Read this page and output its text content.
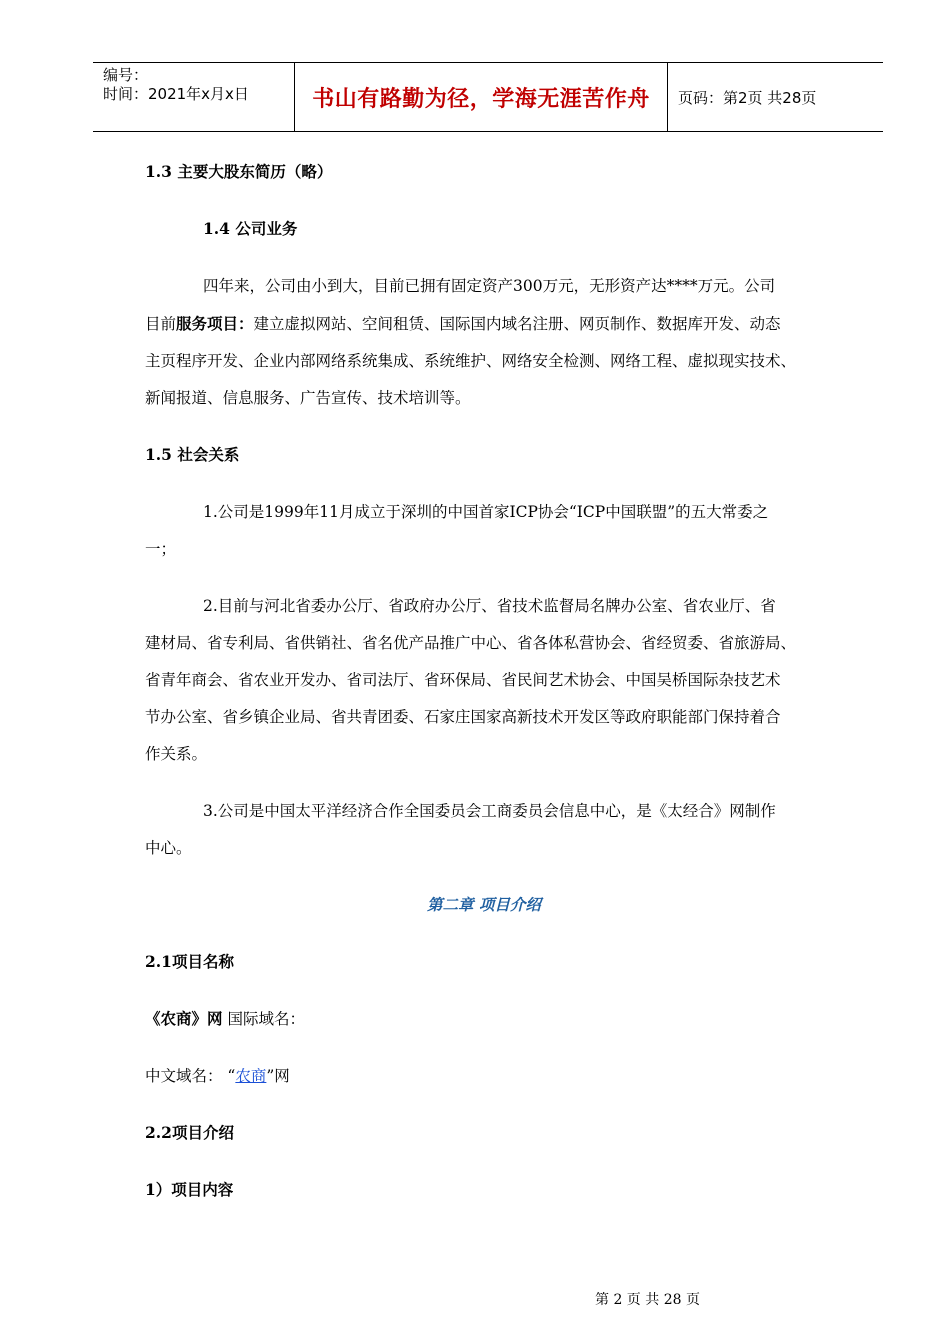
编号：
时间：2021年x月x日	书山有路勤为径，学海无涯苦作舟	页码：第2页 共28页
1.3 主要大股东简历（略）
1.4 公司业务
四年来，公司由小到大，目前已拥有固定资产300万元，无形资产达****万元。公司
目前服务项目：建立虚拟网站、空间租赁、国际国内域名注册、网页制作、数据库开发、动态
主页程序开发、企业内部网络系统集成、系统维护、网络安全检测、网络工程、虚拟现实技术、
新闻报道、信息服务、广告宣传、技术培训等。
1.5 社会关系
1.公司是1999年11月成立于深圳的中国首家ICP协会“ICP中国联盟”的五大常委之
一；
2.目前与河北省委办公厅、省政府办公厅、省技术监督局名牌办公室、省农业厅、省
建材局、省专利局、省供销社、省名优产品推广中心、省各体私营协会、省经贸委、省旅游局、
省青年商会、省农业开发办、省司法厅、省环保局、省民间艺术协会、中国吴桥国际杂技艺术
节办公室、省乡镇企业局、省共青团委、石家庄国家高新技术开发区等政府职能部门保持着合
作关系。
3.公司是中国太平洋经济合作全国委员会工商委员会信息中心，是《太经合》网制作
中心。
第二章 项目介绍
2.1项目名称
《农商》网 国际域名：
中文域名： “农商”网
2.2项目介绍
1）项目内容
第 2 页 共 28 页
